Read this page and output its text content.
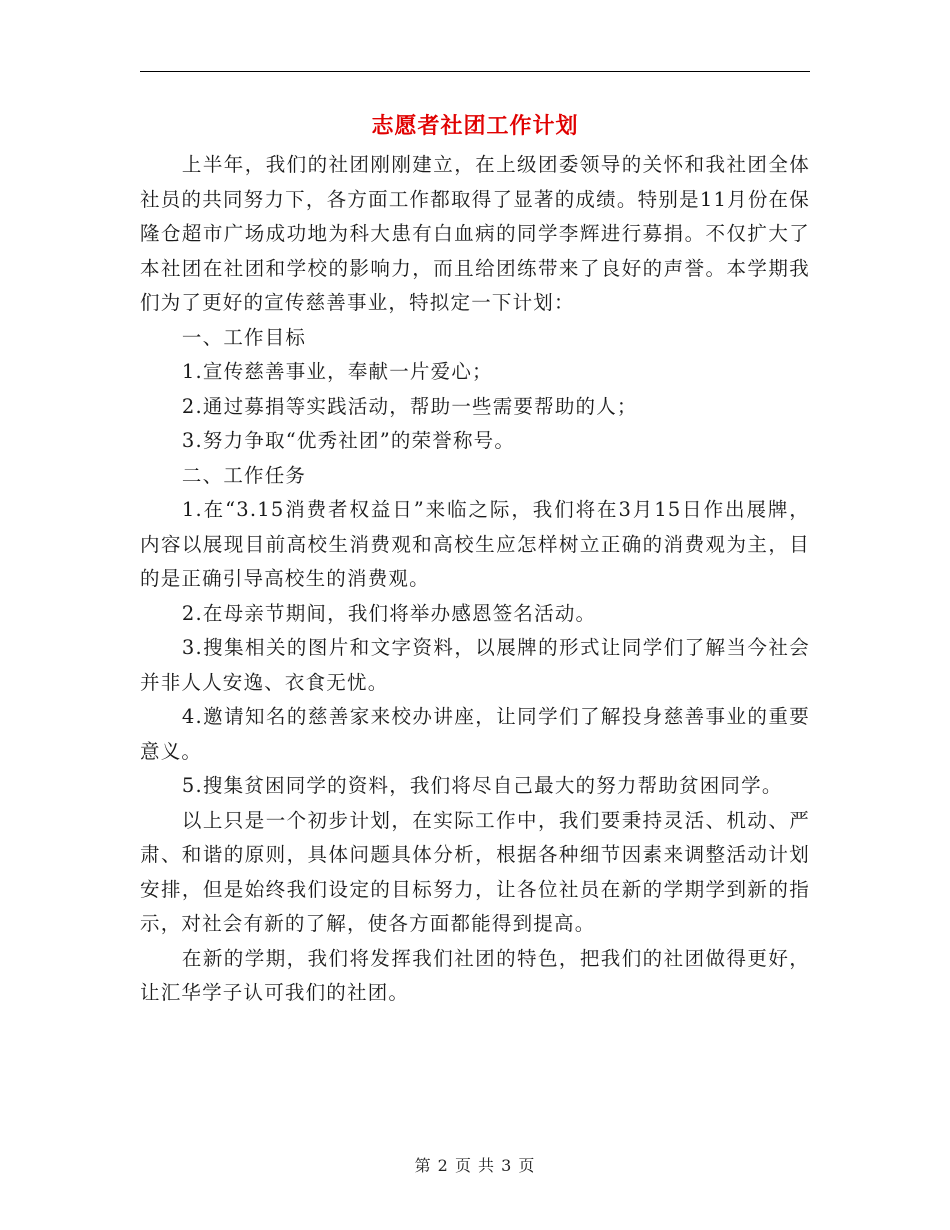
志愿者社团工作计划

上半年，我们的社团刚刚建立，在上级团委领导的关怀和我社团全体社员的共同努力下，各方面工作都取得了显著的成绩。特别是11月份在保隆仓超市广场成功地为科大患有白血病的同学李辉进行募捐。不仅扩大了本社团在社团和学校的影响力，而且给团练带来了良好的声誉。本学期我们为了更好的宣传慈善事业，特拟定一下计划：

一、工作目标

1.宣传慈善事业，奉献一片爱心；

2.通过募捐等实践活动，帮助一些需要帮助的人；

3.努力争取“优秀社团”的荣誉称号。

二、工作任务

1.在“3.15消费者权益日”来临之际，我们将在3月15日作出展牌，内容以展现目前高校生消费观和高校生应怎样树立正确的消费观为主，目的是正确引导高校生的消费观。

2.在母亲节期间，我们将举办感恩签名活动。

3.搜集相关的图片和文字资料，以展牌的形式让同学们了解当今社会并非人人安逸、衣食无忧。

4.邀请知名的慈善家来校办讲座，让同学们了解投身慈善事业的重要意义。

5.搜集贫困同学的资料，我们将尽自己最大的努力帮助贫困同学。

以上只是一个初步计划，在实际工作中，我们要秉持灵活、机动、严肃、和谐的原则，具体问题具体分析，根据各种细节因素来调整活动计划安排，但是始终我们设定的目标努力，让各位社员在新的学期学到新的指示，对社会有新的了解，使各方面都能得到提高。

在新的学期，我们将发挥我们社团的特色，把我们的社团做得更好，让汇华学子认可我们的社团。

第 2 页 共 3 页
